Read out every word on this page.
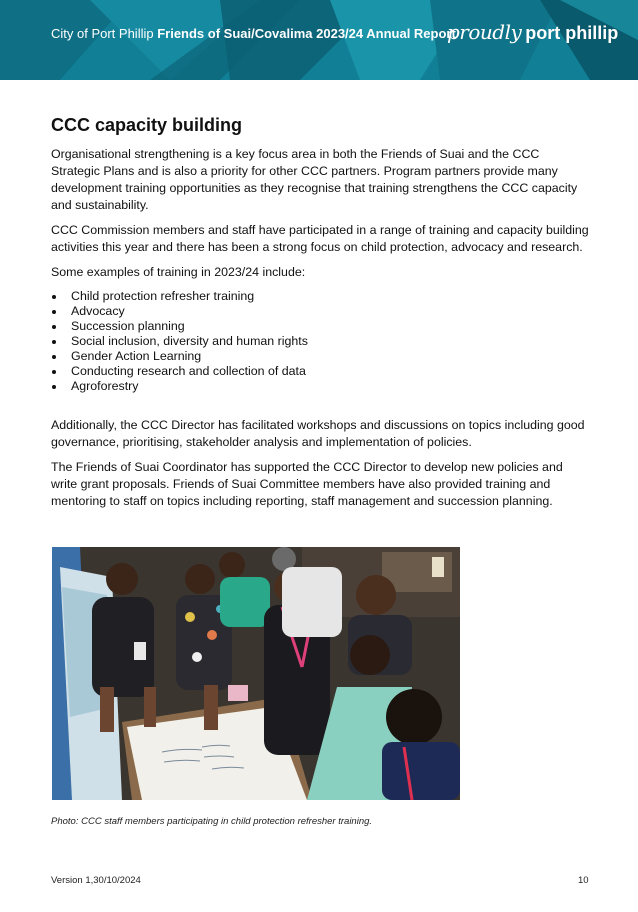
City of Port Phillip Friends of Suai/Covalima 2023/24 Annual Report
proudly port phillip
CCC capacity building

Organisational strengthening is a key focus area in both the Friends of Suai and the CCC Strategic Plans and is also a priority for other CCC partners. Program partners provide many development training opportunities as they recognise that training strengthens the CCC capacity and sustainability.

CCC Commission members and staff have participated in a range of training and capacity building activities this year and there has been a strong focus on child protection, advocacy and research.

Some examples of training in 2023/24 include:

Child protection refresher training
Advocacy
Succession planning
Social inclusion, diversity and human rights
Gender Action Learning
Conducting research and collection of data
Agroforestry

Additionally, the CCC Director has facilitated workshops and discussions on topics including good governance, prioritising, stakeholder analysis and implementation of policies.

The Friends of Suai Coordinator has supported the CCC Director to develop new policies and write grant proposals. Friends of Suai Committee members have also provided training and mentoring to staff on topics including reporting, staff management and succession planning.

Photo: CCC staff members participating in child protection refresher training.
Version 1,30/10/2024	10
